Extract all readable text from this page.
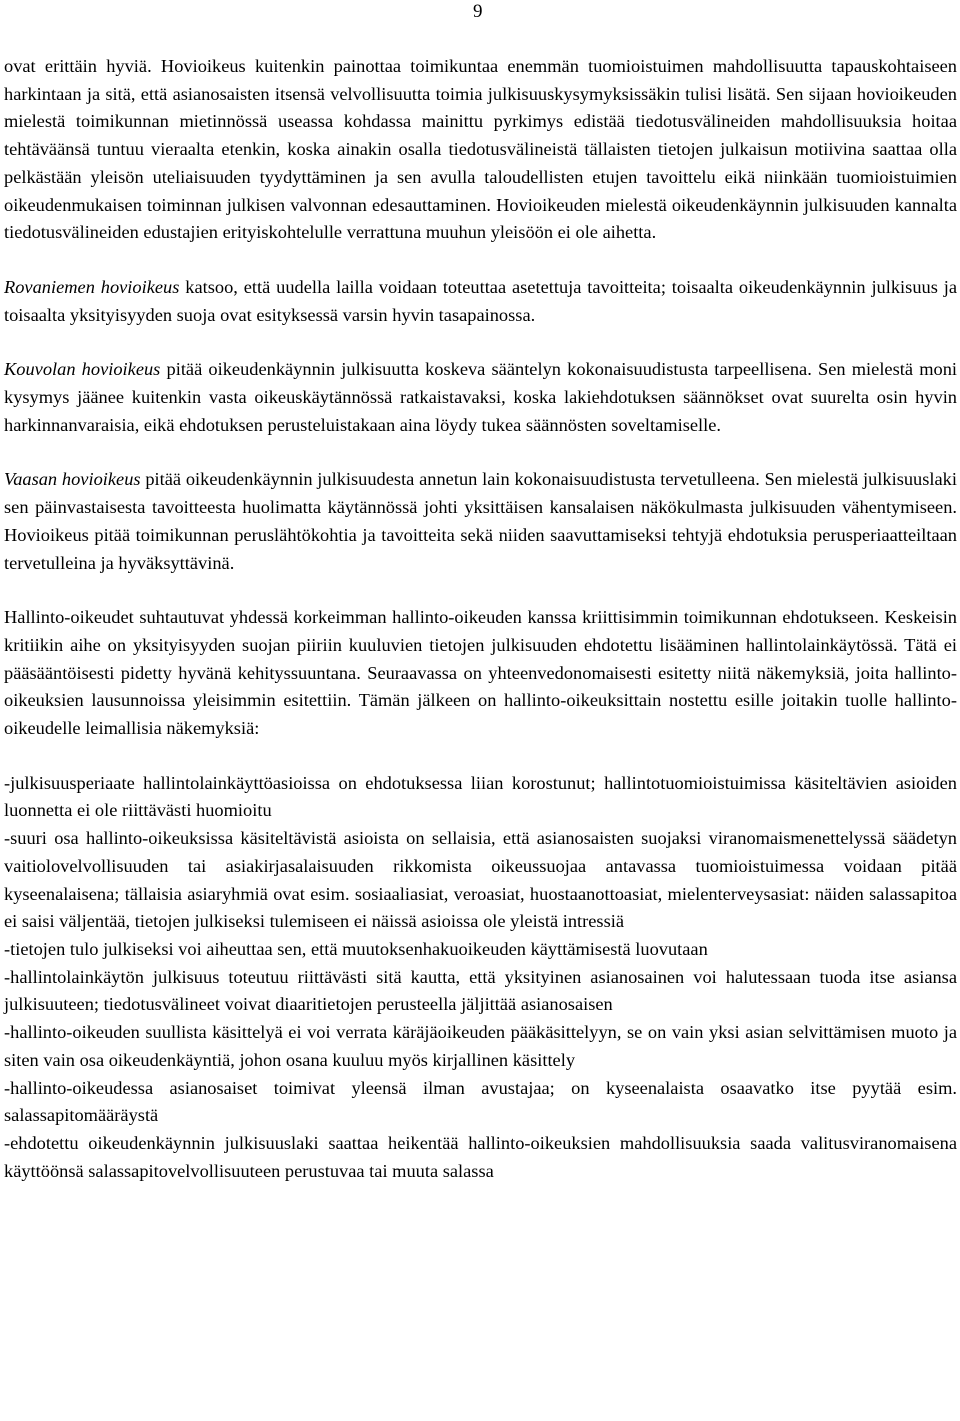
9

ovat erittäin hyviä. Hovioikeus kuitenkin painottaa toimikuntaa enemmän tuomioistuimen mahdollisuutta tapauskohtaiseen harkintaan ja sitä, että asianosaisten itsensä velvollisuutta toimia julkisuuskysymyksissäkin tulisi lisätä. Sen sijaan hovioikeuden mielestä toimikunnan mietinnössä useassa kohdassa mainittu pyrkimys edistää tiedotusvälineiden mahdollisuuksia hoitaa tehtäväänsä tuntuu vieraalta etenkin, koska ainakin osalla tiedotusvälineistä tällaisten tietojen julkaisun motiivina saattaa olla pelkästään yleisön uteliaisuuden tyydyttäminen ja sen avulla taloudellisten etujen tavoittelu eikä niinkään tuomioistuimien oikeudenmukaisen toiminnan julkisen valvonnan edesauttaminen. Hovioikeuden mielestä oikeudenkäynnin julkisuuden kannalta tiedotusvälineiden edustajien erityiskohtelulle verrattuna muuhun yleisöön ei ole aihetta.

Rovaniemen hovioikeus katsoo, että uudella lailla voidaan toteuttaa asetettuja tavoitteita; toisaalta oikeudenkäynnin julkisuus ja toisaalta yksityisyyden suoja ovat esityksessä varsin hyvin tasapainossa.

Kouvolan hovioikeus pitää oikeudenkäynnin julkisuutta koskeva sääntelyn kokonaisuudistusta tarpeellisena. Sen mielestä moni kysymys jäänee kuitenkin vasta oikeuskäytännössä ratkaistavaksi, koska lakiehdotuksen säännökset ovat suurelta osin hyvin harkinnanvaraisia, eikä ehdotuksen perusteluistakaan aina löydy tukea säännösten soveltamiselle.

Vaasan hovioikeus pitää oikeudenkäynnin julkisuudesta annetun lain kokonaisuudistusta tervetulleena. Sen mielestä julkisuuslaki sen päinvastaisesta tavoitteesta huolimatta käytännössä johti yksittäisen kansalaisen näkökulmasta julkisuuden vähentymiseen. Hovioikeus pitää toimikunnan peruslähtökohtia ja tavoitteita sekä niiden saavuttamiseksi tehtyjä ehdotuksia perusperiaatteiltaan tervetulleina ja hyväksyttävinä.

Hallinto-oikeudet suhtautuvat yhdessä korkeimman hallinto-oikeuden kanssa kriittisimmin toimikunnan ehdotukseen. Keskeisin kritiikin aihe on yksityisyyden suojan piiriin kuuluvien tietojen julkisuuden ehdotettu lisääminen hallintolainkäytössä. Tätä ei pääsääntöisesti pidetty hyvänä kehityssuuntana. Seuraavassa on yhteenvedonomaisesti esitetty niitä näkemyksiä, joita hallinto-oikeuksien lausunnoissa yleisimmin esitettiin. Tämän jälkeen on hallinto-oikeuksittain nostettu esille joitakin tuolle hallinto-oikeudelle leimallisia näkemyksiä:

-julkisuusperiaate hallintolainkäyttöasioissa on ehdotuksessa liian korostunut; hallintotuomioistuimissa käsiteltävien asioiden luonnetta ei ole riittävästi huomioitu

-suuri osa hallinto-oikeuksissa käsiteltävistä asioista on sellaisia, että asianosaisten suojaksi viranomaismenettelyssä säädetyn vaitiolovelvollisuuden tai asiakirjasalaisuuden rikkomista oikeussuojaa antavassa tuomioistuimessa voidaan pitää kyseenalaisena; tällaisia asiaryhmiä ovat esim. sosiaaliasiat, veroasiat, huostaanottoasiat, mielenterveysasiat: näiden salassapitoa ei saisi väljentää, tietojen julkiseksi tulemiseen ei näissä asioissa ole yleistä intressiä

-tietojen tulo julkiseksi voi aiheuttaa sen, että muutoksenhakuoikeuden käyttämisestä luovutaan

-hallintolainkäytön julkisuus toteutuu riittävästi sitä kautta, että yksityinen asianosainen voi halutessaan tuoda itse asiansa julkisuuteen; tiedotusvälineet voivat diaaritietojen perusteella jäljittää asianosaisen

-hallinto-oikeuden suullista käsittelyä ei voi verrata käräjäoikeuden pääkäsittelyyn, se on vain yksi asian selvittämisen muoto ja siten vain osa oikeudenkäyntiä, johon osana kuuluu myös kirjallinen käsittely

-hallinto-oikeudessa asianosaiset toimivat yleensä ilman avustajaa; on kyseenalaista osaavatko itse pyytää esim. salassapitomääräystä

-ehdotettu oikeudenkäynnin julkisuuslaki saattaa heikentää hallinto-oikeuksien mahdollisuuksia saada valitusviranomaisena käyttöönsä salassapitovelvollisuuteen perustuvaa tai muuta salassa
